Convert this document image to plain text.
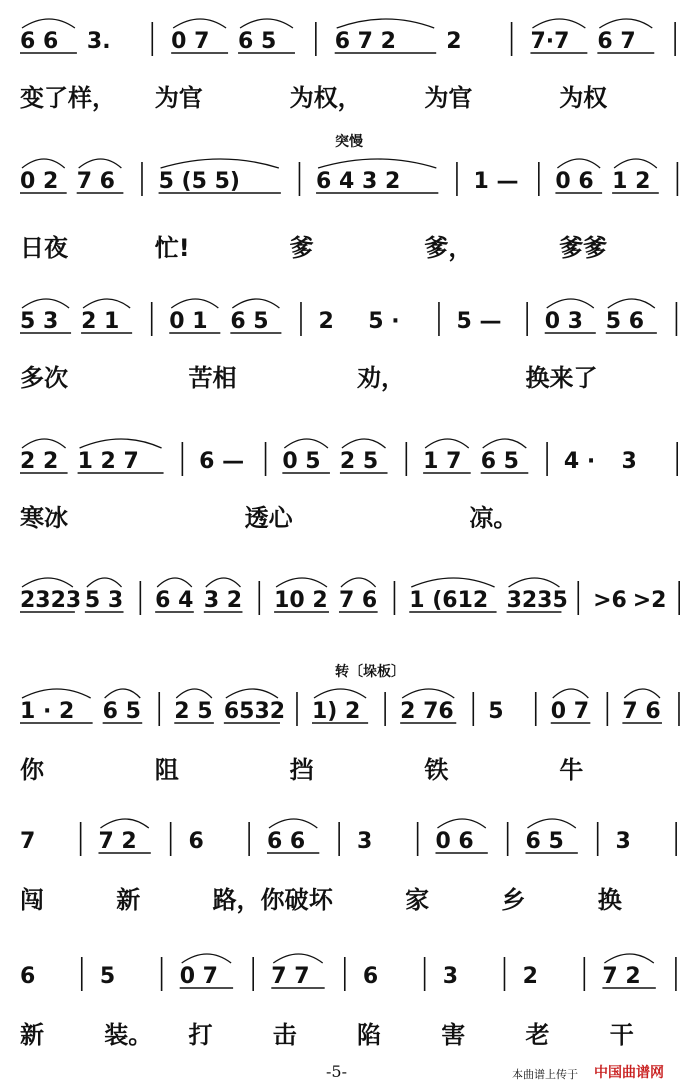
6 6 3.	0 7 6 5	6 7 2 2	7·7 6 7
0 2 7 6 5 (5 5)	6 4 3 2	1 — 0 6 1 2
突慢
5 3 2 1 0 1 6 5 2 5 ·	5 — 0 3 5 6
2 2 1 2 7	6 — 0 5 2 5 1 7 6 5 4 · 3
2323 5 3 6 4 3 2 10 2 7 6 1 (612 3235 >6 >2
1 · 2 6 5 2 5 6532 1) 2 2 76 5 0 7 7 6
转〔垛板〕
7	7 2 6	6 6 3	0 6 6 5 3
6	5	0 7 7 7 6	3	2	7 2
变了样， 为官	为权，	为官	为权
日夜	忙!	爹	爹，	爹爹
多次	苦相	劝，	换来了
寒冰	透心	凉。
你	阻	挡	铁	牛
闯	新	路，你破 坏	家	乡	换
新	装。 打	击	陷	害	老	干
-5-	本曲谱上传于 中国曲谱网
